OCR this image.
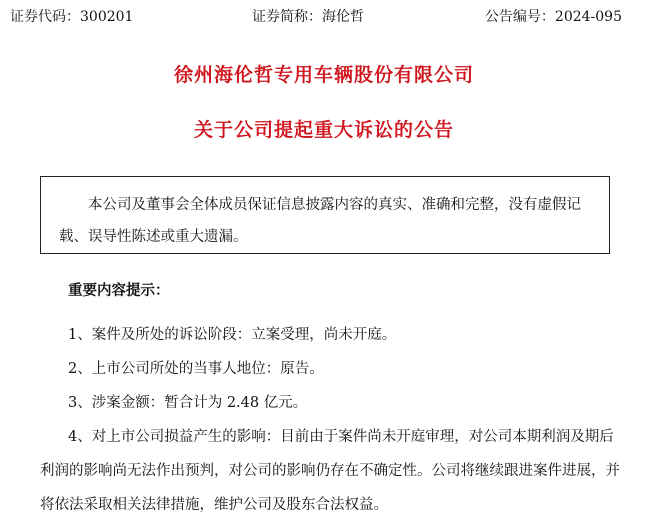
证券代码：300201	证券简称：海伦哲	公告编号：2024-095
徐州海伦哲专用车辆股份有限公司
关于公司提起重大诉讼的公告

本公司及董事会全体成员保证信息披露内容的真实、准确和完整，没有虚假记载、误导性陈述或重大遗漏。

重要内容提示：

1、案件及所处的诉讼阶段：立案受理，尚未开庭。

2、上市公司所处的当事人地位：原告。

3、涉案金额：暂合计为 2.48 亿元。

4、对上市公司损益产生的影响：目前由于案件尚未开庭审理，对公司本期利润及期后利润的影响尚无法作出预判，对公司的影响仍存在不确定性。公司将继续跟进案件进展，并将依法采取相关法律措施，维护公司及股东合法权益。
